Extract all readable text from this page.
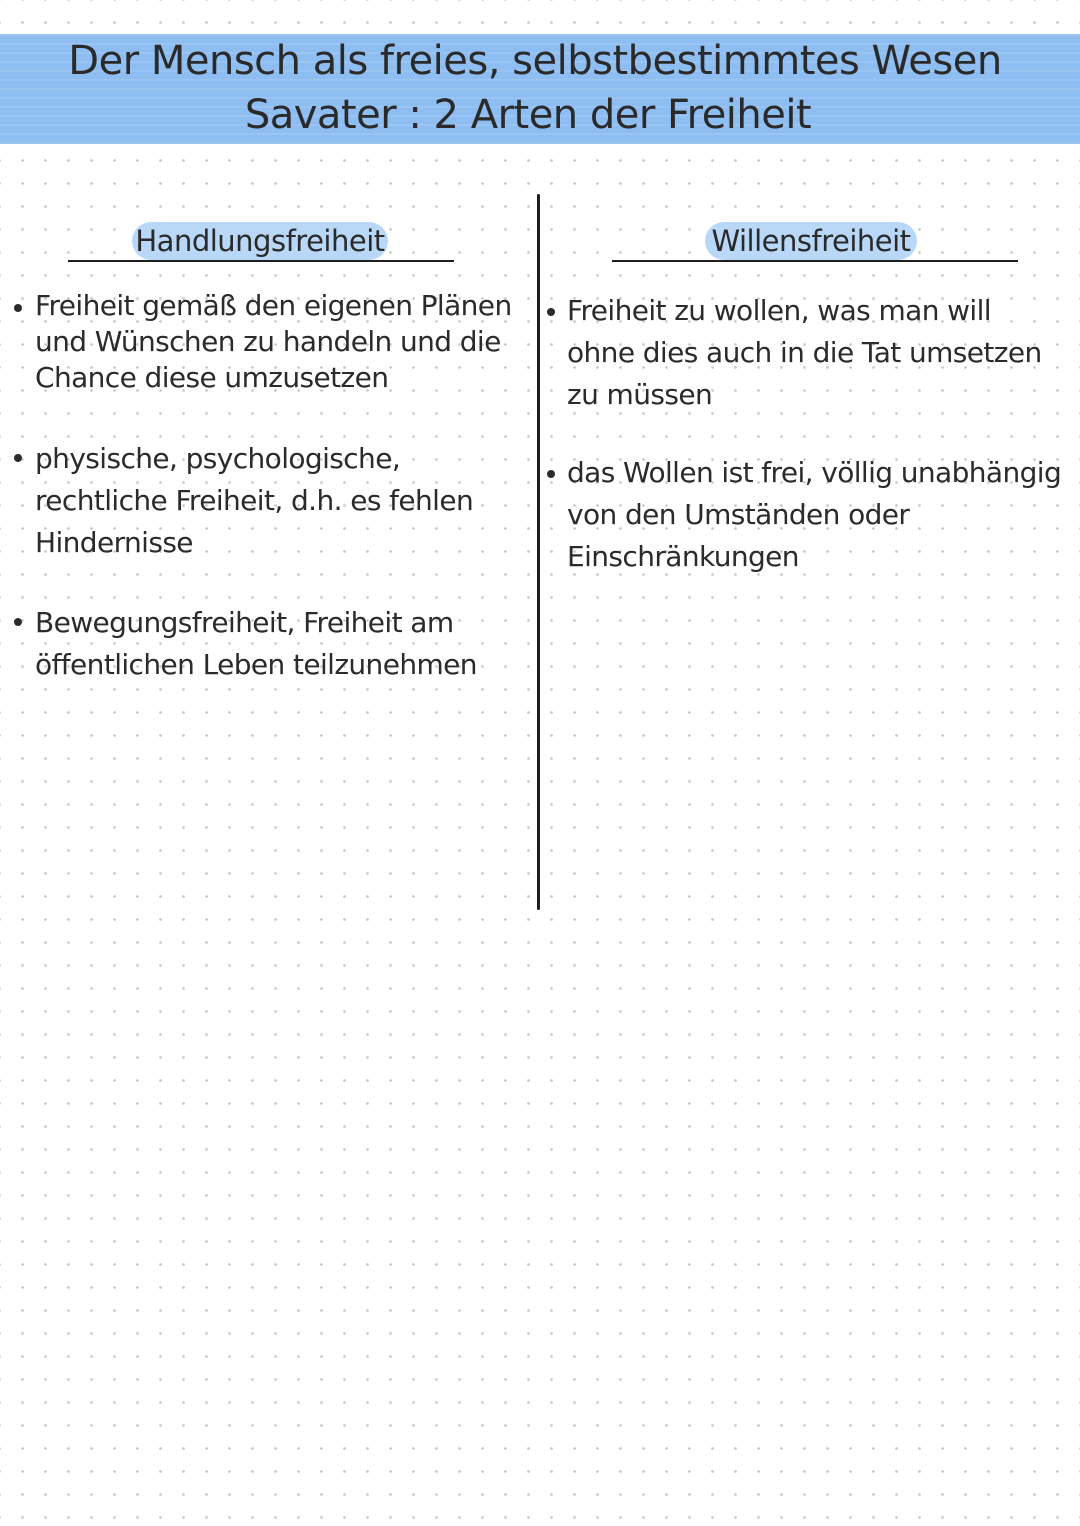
Der Mensch als freies, selbstbestimmtes Wesen
Savater : 2 Arten der Freiheit
Handlungsfreiheit	Willensfreiheit
Freiheit gemäß den eigenen Plänen und Wünschen zu handeln und die Chance diese umzusetzen
physische, psychologische, rechtliche Freiheit, d.h. es fehlen Hindernisse
Bewegungsfreiheit, Freiheit am öffentlichen Leben teilzunehmen
Freiheit zu wollen, was man will ohne dies auch in die Tat umsetzen zu müssen
das Wollen ist frei, völlig unabhängig von den Umständen oder Einschränkungen
